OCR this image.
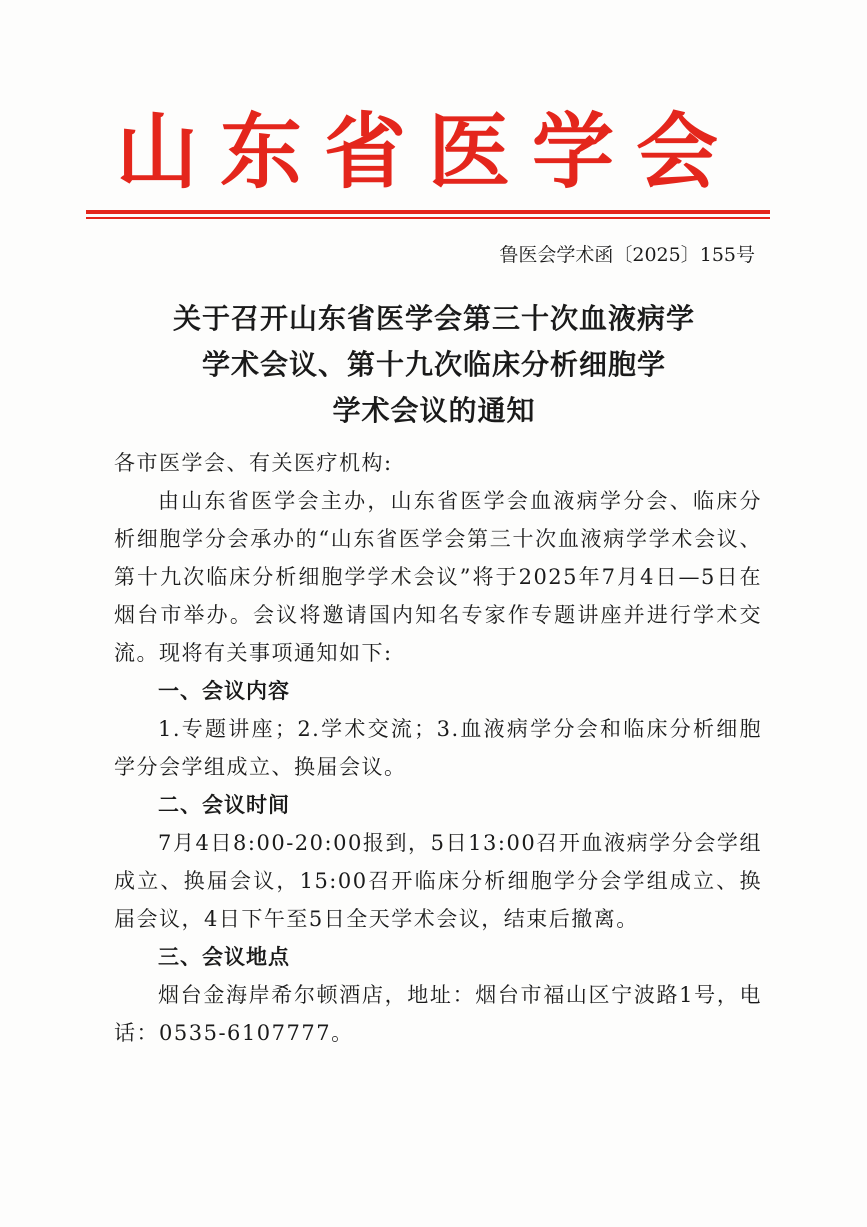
山东省医学会
鲁医会学术函〔2025〕155号
关于召开山东省医学会第三十次血液病学
学术会议、第十九次临床分析细胞学
学术会议的通知

各市医学会、有关医疗机构:

由山东省医学会主办，山东省医学会血液病学分会、临床分析细胞学分会承办的“山东省医学会第三十次血液病学学术会议、第十九次临床分析细胞学学术会议”将于2025年7月4日—5日在烟台市举办。会议将邀请国内知名专家作专题讲座并进行学术交流。现将有关事项通知如下:

一、会议内容

1.专题讲座；2.学术交流；3.血液病学分会和临床分析细胞学分会学组成立、换届会议。

二、会议时间

7月4日8:00-20:00报到，5日13:00召开血液病学分会学组成立、换届会议，15:00召开临床分析细胞学分会学组成立、换届会议，4日下午至5日全天学术会议，结束后撤离。

三、会议地点

烟台金海岸希尔顿酒店，地址：烟台市福山区宁波路1号，电话：0535-6107777。
